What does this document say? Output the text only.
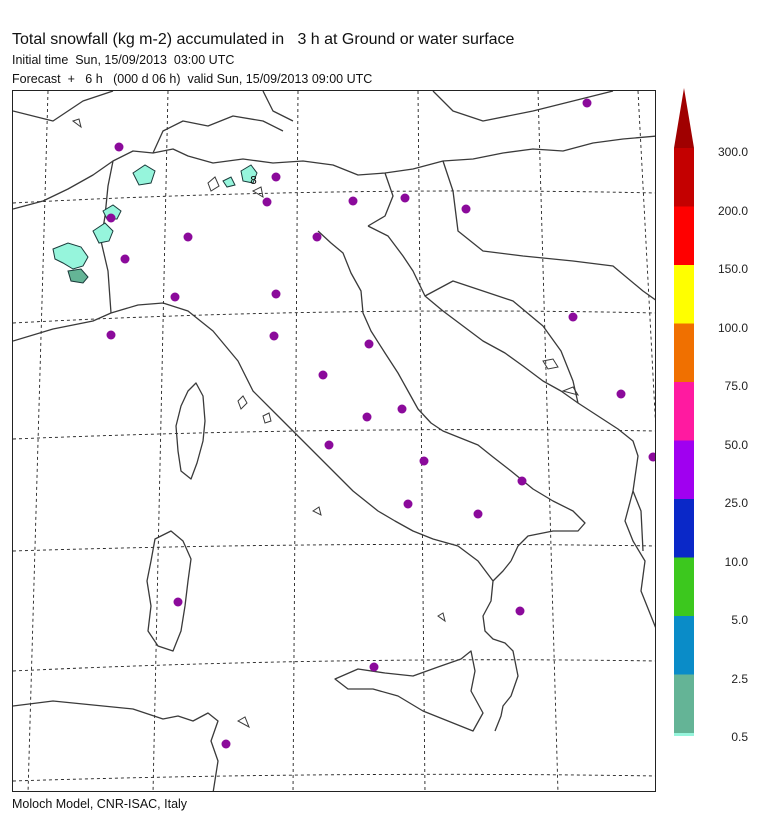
Total snowfall (kg m-2) accumulated in   3 h at Ground or water surface
Initial time  Sun, 15/09/2013  03:00 UTC
Forecast  +   6 h   (000 d 06 h)  valid Sun, 15/09/2013 09:00 UTC
8
300.0
200.0
150.0
100.0
75.0
50.0
25.0
10.0
5.0
2.5
0.5
Moloch Model, CNR-ISAC, Italy
